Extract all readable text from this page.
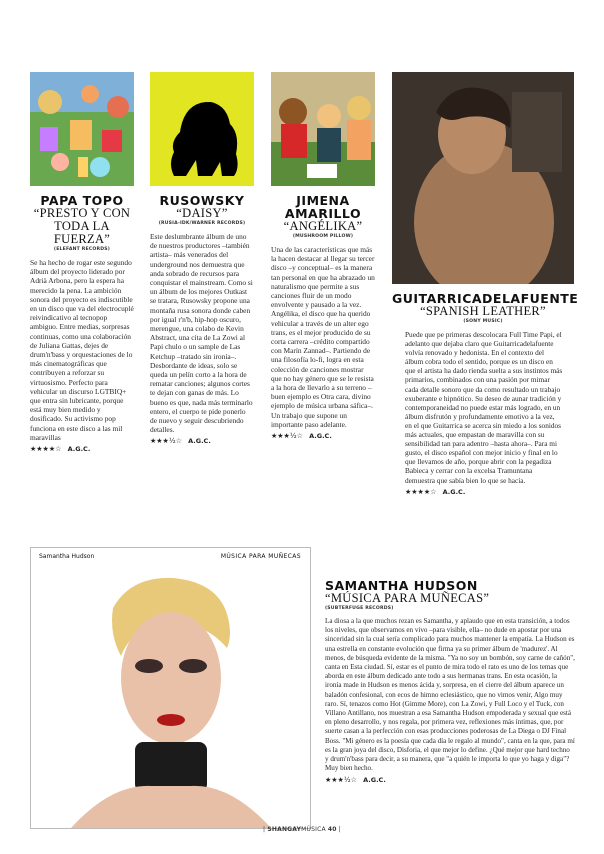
PAPA TOPO
“PRESTO Y CON TODA LA FUERZA”
(ELEFANT RECORDS)
Se ha hecho de rogar este segundo álbum del proyecto liderado por Adrià Arbona, pero la espera ha merecido la pena. La ambición sonora del proyecto es indiscutible en un disco que va del electrocuplé reivindicativo al tecnopop ambiguo. Entre medias, sorpresas continuas, como una colaboración de Juliana Gattas, dejes de drum'n'bass y orquestaciones de lo más cinematográficas que contribuyen a reforzar su virtuosismo. Perfecto para vehicular un discurso LGTBIQ+ que entra sin lubricante, porque está muy bien medido y dosificado. Su activismo pop funciona en este disco a las mil maravillas
★★★★☆ A.G.C.
RUSOWSKY
“DAISY”
(RUSIA-IDK/WARNER RECORDS)
Este deslumbrante álbum de uno de nuestros productores –también artista– más venerados del underground nos demuestra que anda sobrado de recursos para conquistar el mainstream. Como si un álbum de los mejores Outkast se tratara, Rusowsky propone una montaña rusa sonora donde caben por igual r'n'b, hip-hop oscuro, merengue, una colabo de Kevin Abstract, una cita de La Zowi al Papi chulo o un sample de Las Ketchup –tratado sin ironía–. Desbordante de ideas, solo se queda un pelín corto a la hora de rematar canciones; algunos cortes te dejan con ganas de más. Lo bueno es que, nada más terminarlo entero, el cuerpo te pide ponerlo de nuevo y seguir descubriendo detalles.
★★★½☆ A.G.C.
JIMENA AMARILLO
“ANGÉLIKA”
(MUSHROOM PILLOW)
Una de las características que más la hacen destacar al llegar su tercer disco –y conceptual– es la manera tan personal en que ha abrazado un naturalismo que permite a sus canciones fluir de un modo envolvente y pausado a la vez. Angélika, el disco que ha querido vehicular a través de un alter ego trans, es el mejor producido de su corta carrera –crédito compartido con Marín Zannad–. Partiendo de una filosofía lo-fi, logra en esta colección de canciones mostrar que no hay género que se le resista a la hora de llevarlo a su terreno –buen ejemplo es Otra cara, divino ejemplo de música urbana sáfica–. Un trabajo que supone un importante paso adelante.
★★★½☆ A.G.C.
GUITARRICADELAFUENTE
“SPANISH LEATHER”
(SONY MUSIC)
Puede que pe primeras descolocara Full Time Papi, el adelanto que dejaba claro que Guitarricadelafuente volvía renovado y hedonista. En el contexto del álbum cobra todo el sentido, porque es un disco en que el artista ha dado rienda suelta a sus instintos más primarios, combinados con una pasión por mimar cada detalle sonoro que da como resultado un trabajo exuberante e hipnótico. Su deseo de aunar tradición y contemporaneidad no puede estar más logrado, en un álbum disfrutón y profundamente emotivo a la vez, en el que Guitarrica se acerca sin miedo a los sonidos más actuales, que empastan de maravilla con su sensibilidad tan para adentro –hasta ahora–. Para mi gusto, el disco español con mejor inicio y final en lo que llevamos de año, porque abrir con la pegadiza Babieca y cerrar con la excelsa Tramuntana demuestra que sabía bien lo que se hacía.
★★★★☆ A.G.C.
Samantha Hudson	MÚSICA PARA MUÑECAS
SAMANTHA HUDSON
“MÚSICA PARA MUÑECAS”
(SUBTERFUGE RECORDS)
La diosa a la que muchos rezan es Samantha, y aplaudo que en esta transición, a todos los niveles, que observamos en vivo –para visible, ella– no dude en apostar por una sinceridad sin la cual sería complicado para muchos mantener la empatía. La Hudson es una estrella en constante evolución que firma ya su primer álbum de 'madurez'. Al menos, de búsqueda evidente de la misma. "Ya no soy un bombón, soy carne de cañón", canta en Esta ciudad. Sí, estar es el punto de mira todo el rato es uno de los temas que aborda en este álbum dedicado ante todo a sus hermanas trans. En esta ocasión, la ironía made in Hudson es menos ácida y, sorpresa, en el cierre del álbum aparece un baladón confesional, con ecos de himno eclesiástico, que no vimos venir, Algo muy raro. Sí, tenazos como Hot (Gimme More), con La Zowi, y Full Loco y el Tuck, con Villano Antillano, nos muestran a esa Samantha Hudson empoderada y sexual que está en pleno desarrollo, y nos regala, por primera vez, reflexiones más íntimas, que, por suerte casan a la perfección con esas producciones poderosas de La Diega o DJ Final Boss. "Mi género es la poesía que cada día le regalo al mundo", canta en la que, para mí es la gran joya del disco, Disforia, el que mejor lo define. ¿Qué mejor que hard techno y drum'n'bass para decir, a su manera, que "a quién le importa lo que yo haga y diga"? Muy bien hecho.
★★★½☆ A.G.C.
| SHANGAYMÚSICA 40 |
